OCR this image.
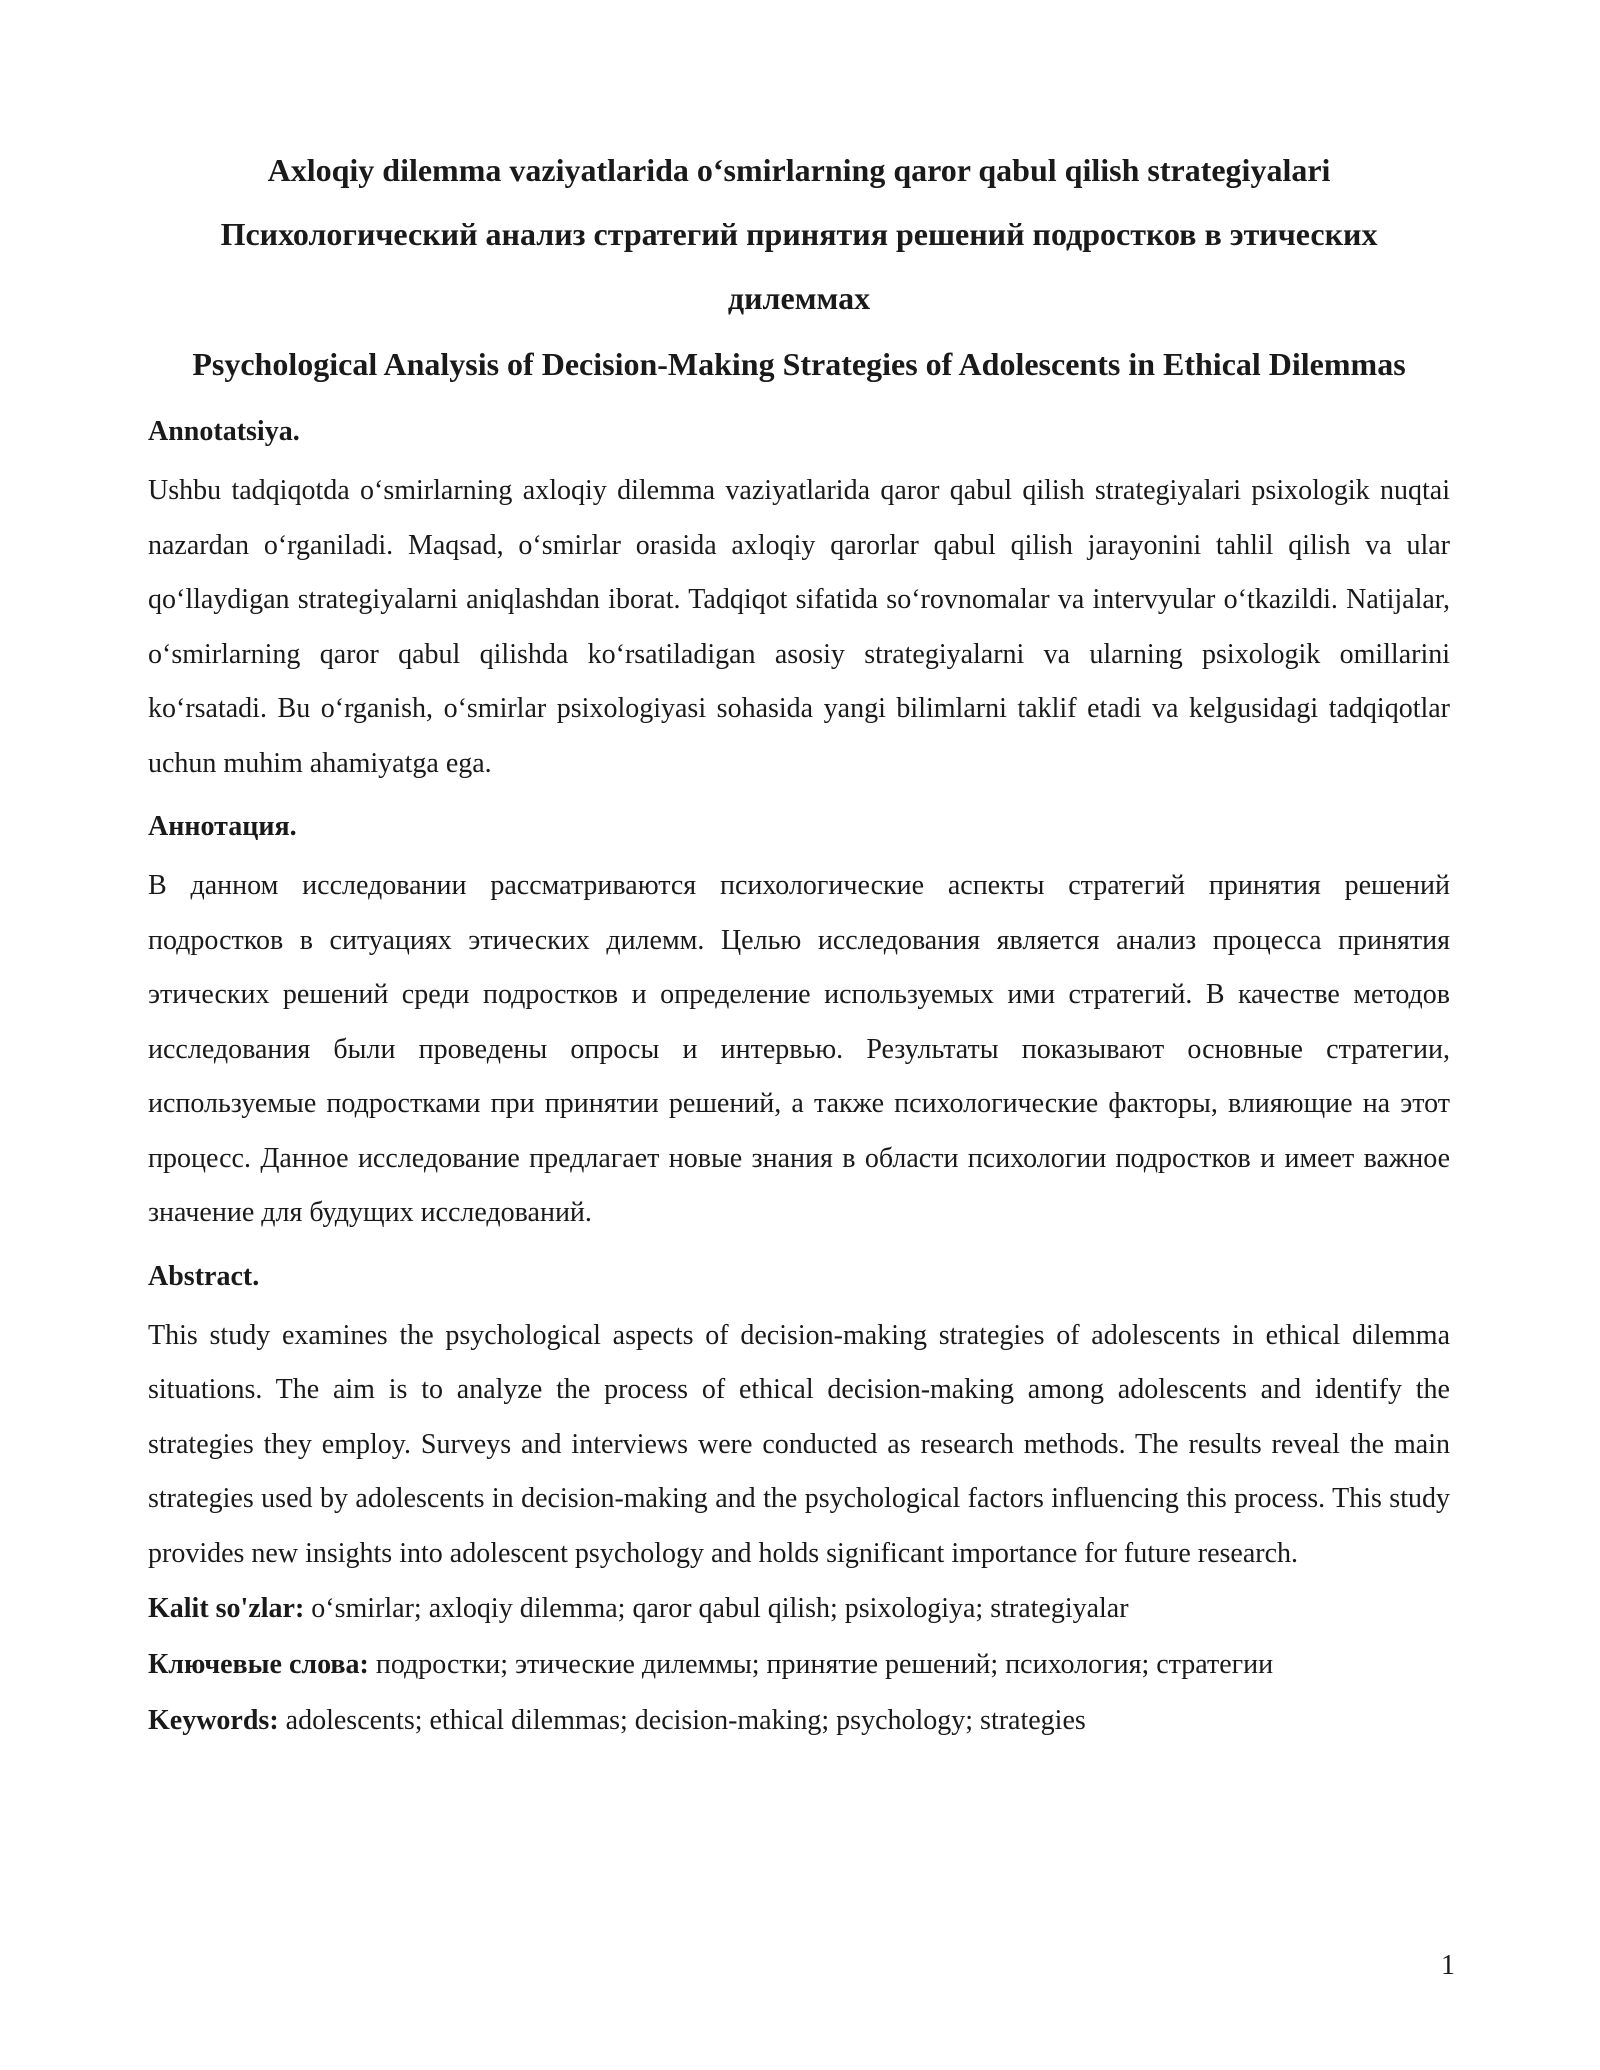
Axloqiy dilemma vaziyatlarida o‘smirlarning qaror qabul qilish strategiyalari
Психологический анализ стратегий принятия решений подростков в этических дилеммах
Psychological Analysis of Decision-Making Strategies of Adolescents in Ethical Dilemmas
Annotatsiya.

Ushbu tadqiqotda o‘smirlarning axloqiy dilemma vaziyatlarida qaror qabul qilish strategiyalari psixologik nuqtai nazardan o‘rganiladi. Maqsad, o‘smirlar orasida axloqiy qarorlar qabul qilish jarayonini tahlil qilish va ular qo‘llaydigan strategiyalarni aniqlashdan iborat. Tadqiqot sifatida so‘rovnomalar va intervyular o‘tkazildi. Natijalar, o‘smirlarning qaror qabul qilishda ko‘rsatiladigan asosiy strategiyalarni va ularning psixologik omillarini ko‘rsatadi. Bu o‘rganish, o‘smirlar psixologiyasi sohasida yangi bilimlarni taklif etadi va kelgusidagi tadqiqotlar uchun muhim ahamiyatga ega.

Аннотация.

В данном исследовании рассматриваются психологические аспекты стратегий принятия решений подростков в ситуациях этических дилемм. Целью исследования является анализ процесса принятия этических решений среди подростков и определение используемых ими стратегий. В качестве методов исследования были проведены опросы и интервью. Результаты показывают основные стратегии, используемые подростками при принятии решений, а также психологические факторы, влияющие на этот процесс. Данное исследование предлагает новые знания в области психологии подростков и имеет важное значение для будущих исследований.

Abstract.

This study examines the psychological aspects of decision-making strategies of adolescents in ethical dilemma situations. The aim is to analyze the process of ethical decision-making among adolescents and identify the strategies they employ. Surveys and interviews were conducted as research methods. The results reveal the main strategies used by adolescents in decision-making and the psychological factors influencing this process. This study provides new insights into adolescent psychology and holds significant importance for future research.

Kalit so'zlar: o‘smirlar; axloqiy dilemma; qaror qabul qilish; psixologiya; strategiyalar

Ключевые слова: подростки; этические дилеммы; принятие решений; психология; стратегии

Keywords: adolescents; ethical dilemmas; decision-making; psychology; strategies

1
